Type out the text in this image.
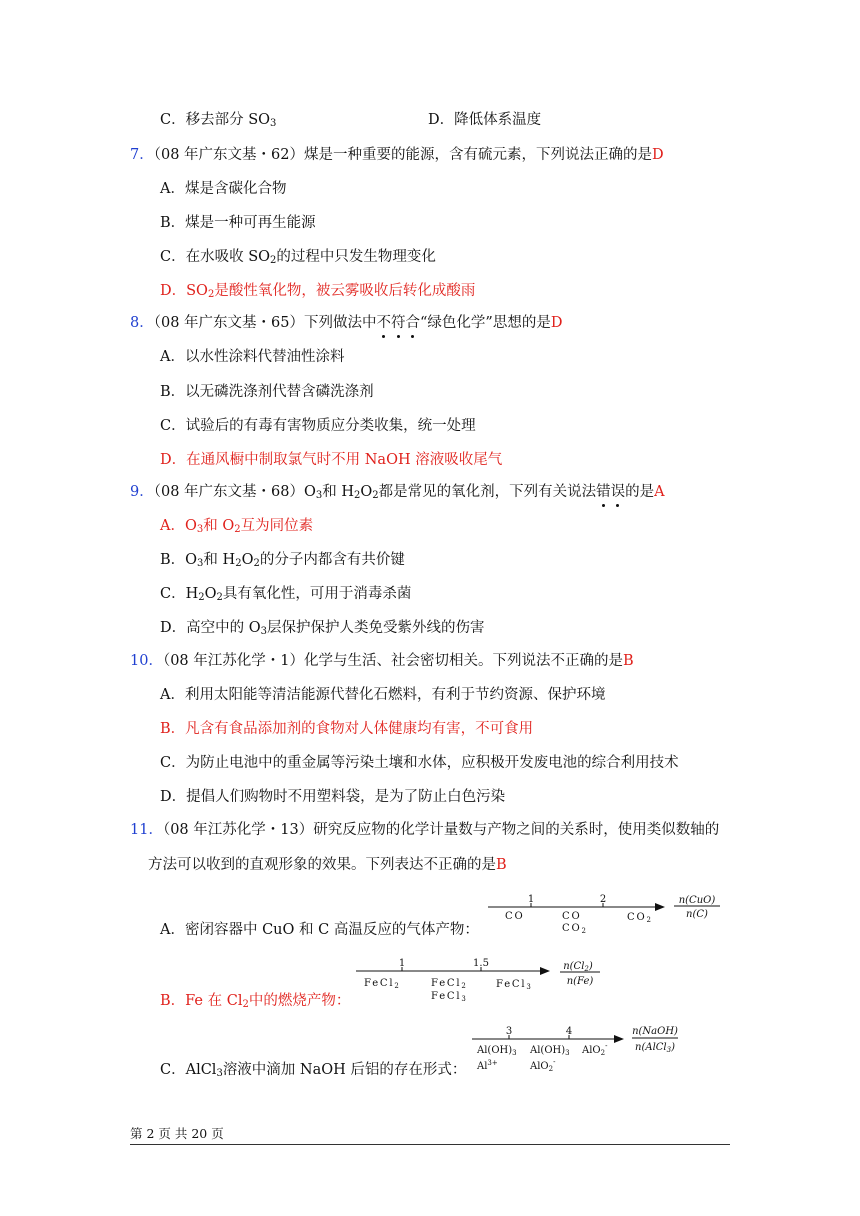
C．移去部分 $SO_3$	D．降低体系温度
7．（08 年广东文基・62）煤是一种重要的能源，含有硫元素，下列说法正确的是D
A．煤是含碳化合物
B．煤是一种可再生能源
C．在水吸收 $SO_2$的过程中只发生物理变化
D．$SO_2$是酸性氧化物，被云雾吸收后转化成酸雨
8．（08 年广东文基・65）下列做法中不符合“绿色化学”思想的是D
A．以水性涂料代替油性涂料
B．以无磷洗涤剂代替含磷洗涤剂
C．试验后的有毒有害物质应分类收集，统一处理
D．在通风橱中制取氯气时不用 NaOH 溶液吸收尾气
9．（08 年广东文基・$68)O_3$和 $H_2O_2$都是常见的氧化剂，下列有关说法错误的是A
A．$O_3$和 $O_2$互为同位素
B．$O_3$和 $H_2O_2$的分子内都含有共价键
C．$H_2O_2$具有氧化性，可用于消毒杀菌
D．高空中的 $O_3$层保护保护人类免受紫外线的伤害
10．（08 年江苏化学・1）化学与生活、社会密切相关。下列说法不正确的是B
A．利用太阳能等清洁能源代替化石燃料，有利于节约资源、保护环境
B．凡含有食品添加剂的食物对人体健康均有害，不可食用
C．为防止电池中的重金属等污染土壤和水体，应积极开发废电池的综合利用技术
D．提倡人们购物时不用塑料袋，是为了防止白色污染
11．（08 年江苏化学・13）研究反应物的化学计量数与产物之间的关系时，使用类似数轴的
方法可以收到的直观形象的效果。下列表达不正确的是B
A．密闭容器中 CuO 和 C 高温反应的气体产物：
B．Fe 在 $Cl_2$中的燃烧产物：
C．AlCl$_3$溶液中滴加 NaOH 后铝的存在形式：
1	2
CO	CO
$CO_2$
$CO_2$
n(CuO)
n(C)
1	1.5
FeCl$_2$	FeCl$_2$
FeCl$_3$
FeCl$_3$
$n(Cl_2)$
n(Fe)
3	4
$Al(OH)_3$
$Al^{3+}$
$Al(OH)_3$
AlO$_2$-
AlO$_2$-
n(NaOH)
n(AlCl$_3$)
第 2 页 共 20 页
